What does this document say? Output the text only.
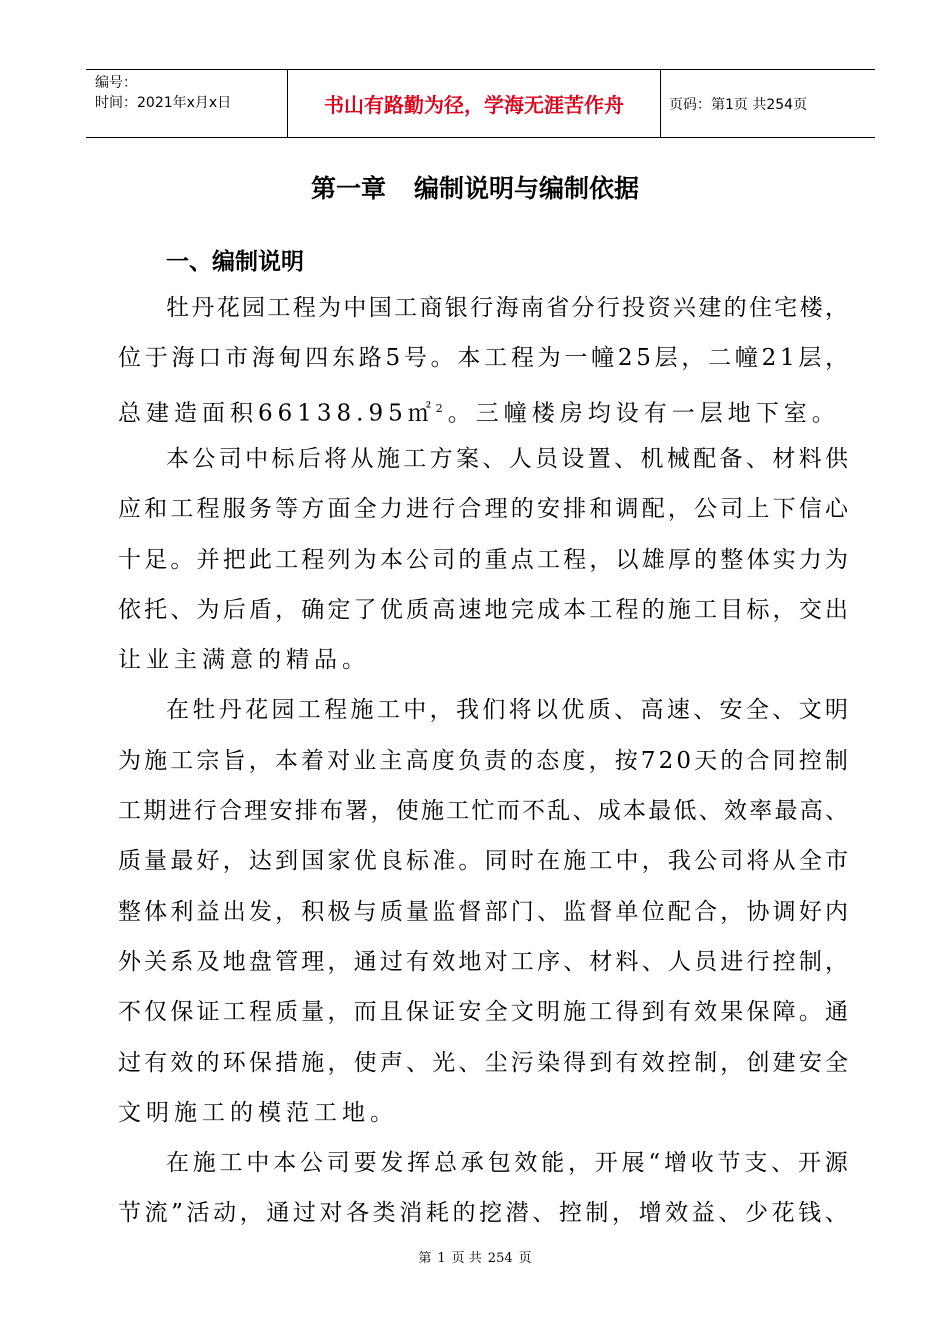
编号：
时间：2021年x月x日	书山有路勤为径，学海无涯苦作舟	页码：第1页 共254页
第一章 编制说明与编制依据
一、编制说明
牡丹花园工程为中国工商银行海南省分行投资兴建的住宅楼，
位于海口市海甸四东路5号。本工程为一幢25层，二幢21层，
总建造面积66138.95㎡$^2$。三幢楼房均设有一层地下室。
本公司中标后将从施工方案、人员设置、机械配备、材料供
应和工程服务等方面全力进行合理的安排和调配，公司上下信心
十足。并把此工程列为本公司的重点工程，以雄厚的整体实力为
依托、为后盾，确定了优质高速地完成本工程的施工目标，交出
让业主满意的精品。
在牡丹花园工程施工中，我们将以优质、高速、安全、文明
为施工宗旨，本着对业主高度负责的态度，按720天的合同控制
工期进行合理安排布署，使施工忙而不乱、成本最低、效率最高、
质量最好，达到国家优良标准。同时在施工中，我公司将从全市
整体利益出发，积极与质量监督部门、监督单位配合，协调好内
外关系及地盘管理，通过有效地对工序、材料、人员进行控制，
不仅保证工程质量，而且保证安全文明施工得到有效果保障。通
过有效的环保措施，使声、光、尘污染得到有效控制，创建安全
文明施工的模范工地。
在施工中本公司要发挥总承包效能，开展“增收节支、开源
节流”活动，通过对各类消耗的挖潜、控制，增效益、少花钱、
第 1 页 共 254 页
